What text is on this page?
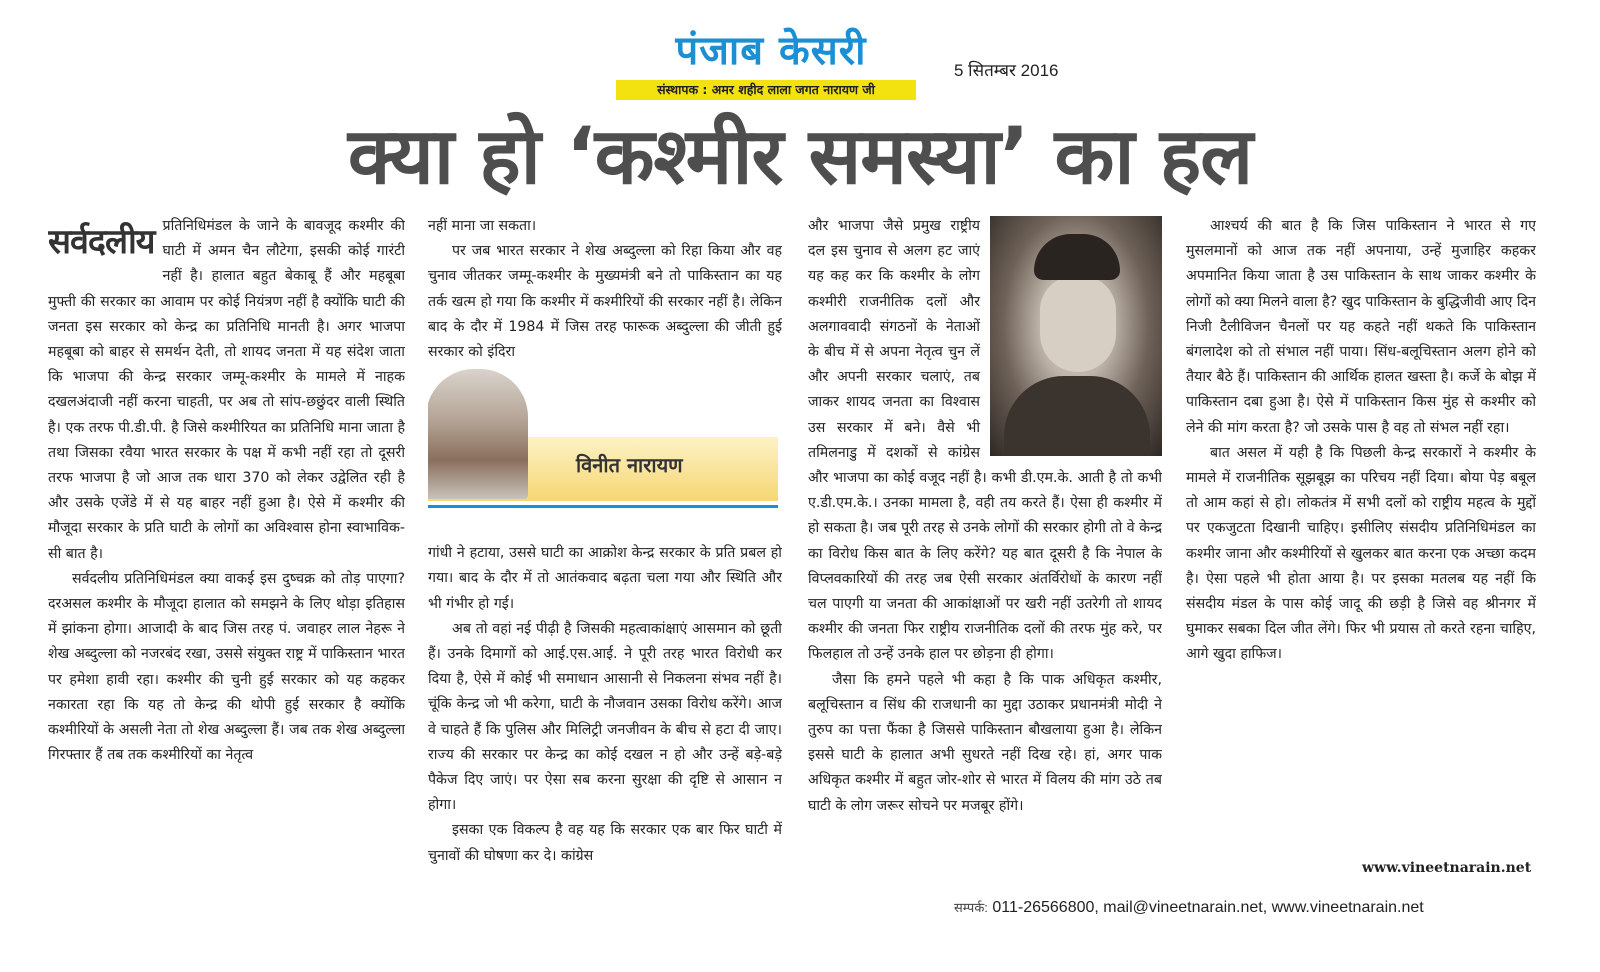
पंजाब केसरी
संस्थापक : अमर शहीद लाला जगत नारायण जी
5 सितम्बर 2016
क्या हो ‘कश्मीर समस्या’ का हल
सर्वदलीय प्रतिनिधिमंडल के जाने के बावजूद कश्मीर की घाटी में अमन चैन लौटेगा, इसकी कोई गारंटी नहीं है। हालात बहुत बेकाबू हैं और महबूबा मुफ्ती की सरकार का आवाम पर कोई नियंत्रण नहीं है क्योंकि घाटी की जनता इस सरकार को केन्द्र का प्रतिनिधि मानती है। अगर भाजपा महबूबा को बाहर से समर्थन देती, तो शायद जनता में यह संदेश जाता कि भाजपा की केन्द्र सरकार जम्मू-कश्मीर के मामले में नाहक दखलअंदाजी नहीं करना चाहती, पर अब तो सांप-छछुंदर वाली स्थिति है। एक तरफ पी.डी.पी. है जिसे कश्मीरियत का प्रतिनिधि माना जाता है तथा जिसका रवैया भारत सरकार के पक्ष में कभी नहीं रहा तो दूसरी तरफ भाजपा है जो आज तक धारा 370 को लेकर उद्वेलित रही है और उसके एजेंडे में से यह बाहर नहीं हुआ है। ऐसे में कश्मीर की मौजूदा सरकार के प्रति घाटी के लोगों का अविश्वास होना स्वाभाविक-सी बात है।

सर्वदलीय प्रतिनिधिमंडल क्या वाकई इस दुष्चक्र को तोड़ पाएगा? दरअसल कश्मीर के मौजूदा हालात को समझने के लिए थोड़ा इतिहास में झांकना होगा। आजादी के बाद जिस तरह पं. जवाहर लाल नेहरू ने शेख अब्दुल्ला को नजरबंद रखा, उससे संयुक्त राष्ट्र में पाकिस्तान भारत पर हमेशा हावी रहा। कश्मीर की चुनी हुई सरकार को यह कहकर नकारता रहा कि यह तो केन्द्र की थोपी हुई सरकार है क्योंकि कश्मीरियों के असली नेता तो शेख अब्दुल्ला हैं। जब तक शेख अब्दुल्ला गिरफ्तार हैं तब तक कश्मीरियों का नेतृत्व

नहीं माना जा सकता।

पर जब भारत सरकार ने शेख अब्दुल्ला को रिहा किया और वह चुनाव जीतकर जम्मू-कश्मीर के मुख्यमंत्री बने तो पाकिस्तान का यह तर्क खत्म हो गया कि कश्मीर में कश्मीरियों की सरकार नहीं है। लेकिन बाद के दौर में 1984 में जिस तरह फारूक अब्दुल्ला की जीती हुई सरकार को इंदिरा

विनीत नारायण

गांधी ने हटाया, उससे घाटी का आक्रोश केन्द्र सरकार के प्रति प्रबल हो गया। बाद के दौर में तो आतंकवाद बढ़ता चला गया और स्थिति और भी गंभीर हो गई।

अब तो वहां नई पीढ़ी है जिसकी महत्वाकांक्षाएं आसमान को छूती हैं। उनके दिमागों को आई.एस.आई. ने पूरी तरह भारत विरोधी कर दिया है, ऐसे में कोई भी समाधान आसानी से निकलना संभव नहीं है। चूंकि केन्द्र जो भी करेगा, घाटी के नौजवान उसका विरोध करेंगे। आज वे चाहते हैं कि पुलिस और मिलिट्री जनजीवन के बीच से हटा दी जाए। राज्य की सरकार पर केन्द्र का कोई दखल न हो और उन्हें बड़े-बड़े पैकेज दिए जाएं। पर ऐसा सब करना सुरक्षा की दृष्टि से आसान न होगा।

इसका एक विकल्प है वह यह कि सरकार एक बार फिर घाटी में चुनावों की घोषणा कर दे। कांग्रेस

और भाजपा जैसे प्रमुख राष्ट्रीय दल इस चुनाव से अलग हट जाएं यह कह कर कि कश्मीर के लोग कश्मीरी राजनीतिक दलों और अलगाववादी संगठनों के नेताओं के बीच में से अपना नेतृत्व चुन लें और अपनी सरकार चलाएं, तब जाकर शायद जनता का विश्वास उस सरकार में बने। वैसे भी तमिलनाडु में दशकों से कांग्रेस और भाजपा का कोई वजूद नहीं है। कभी डी.एम.के. आती है तो कभी ए.डी.एम.के.। उनका मामला है, वही तय करते हैं। ऐसा ही कश्मीर में हो सकता है। जब पूरी तरह से उनके लोगों की सरकार होगी तो वे केन्द्र का विरोध किस बात के लिए करेंगे? यह बात दूसरी है कि नेपाल के विप्लवकारियों की तरह जब ऐसी सरकार अंतर्विरोधों के कारण नहीं चल पाएगी या जनता की आकांक्षाओं पर खरी नहीं उतरेगी तो शायद कश्मीर की जनता फिर राष्ट्रीय राजनीतिक दलों की तरफ मुंह करे, पर फिलहाल तो उन्हें उनके हाल पर छोड़ना ही होगा।

जैसा कि हमने पहले भी कहा है कि पाक अधिकृत कश्मीर, बलूचिस्तान व सिंध की राजधानी का मुद्दा उठाकर प्रधानमंत्री मोदी ने तुरुप का पत्ता फैंका है जिससे पाकिस्तान बौखलाया हुआ है। लेकिन इससे घाटी के हालात अभी सुधरते नहीं दिख रहे। हां, अगर पाक अधिकृत कश्मीर में बहुत जोर-शोर से भारत में विलय की मांग उठे तब घाटी के लोग जरूर सोचने पर मजबूर होंगे।

आश्चर्य की बात है कि जिस पाकिस्तान ने भारत से गए मुसलमानों को आज तक नहीं अपनाया, उन्हें मुजाहिर कहकर अपमानित किया जाता है उस पाकिस्तान के साथ जाकर कश्मीर के लोगों को क्या मिलने वाला है? खुद पाकिस्तान के बुद्धिजीवी आए दिन निजी टैलीविजन चैनलों पर यह कहते नहीं थकते कि पाकिस्तान बंगलादेश को तो संभाल नहीं पाया। सिंध-बलूचिस्तान अलग होने को तैयार बैठे हैं। पाकिस्तान की आर्थिक हालत खस्ता है। कर्जे के बोझ में पाकिस्तान दबा हुआ है। ऐसे में पाकिस्तान किस मुंह से कश्मीर को लेने की मांग करता है? जो उसके पास है वह तो संभल नहीं रहा।

बात असल में यही है कि पिछली केन्द्र सरकारों ने कश्मीर के मामले में राजनीतिक सूझबूझ का परिचय नहीं दिया। बोया पेड़ बबूल तो आम कहां से हो। लोकतंत्र में सभी दलों को राष्ट्रीय महत्व के मुद्दों पर एकजुटता दिखानी चाहिए। इसीलिए संसदीय प्रतिनिधिमंडल का कश्मीर जाना और कश्मीरियों से खुलकर बात करना एक अच्छा कदम है। ऐसा पहले भी होता आया है। पर इसका मतलब यह नहीं कि संसदीय मंडल के पास कोई जादू की छड़ी है जिसे वह श्रीनगर में घुमाकर सबका दिल जीत लेंगे। फिर भी प्रयास तो करते रहना चाहिए, आगे खुदा हाफिज।

www.vineetnarain.net
सम्पर्क: 011-26566800, mail@vineetnarain.net, www.vineetnarain.net
